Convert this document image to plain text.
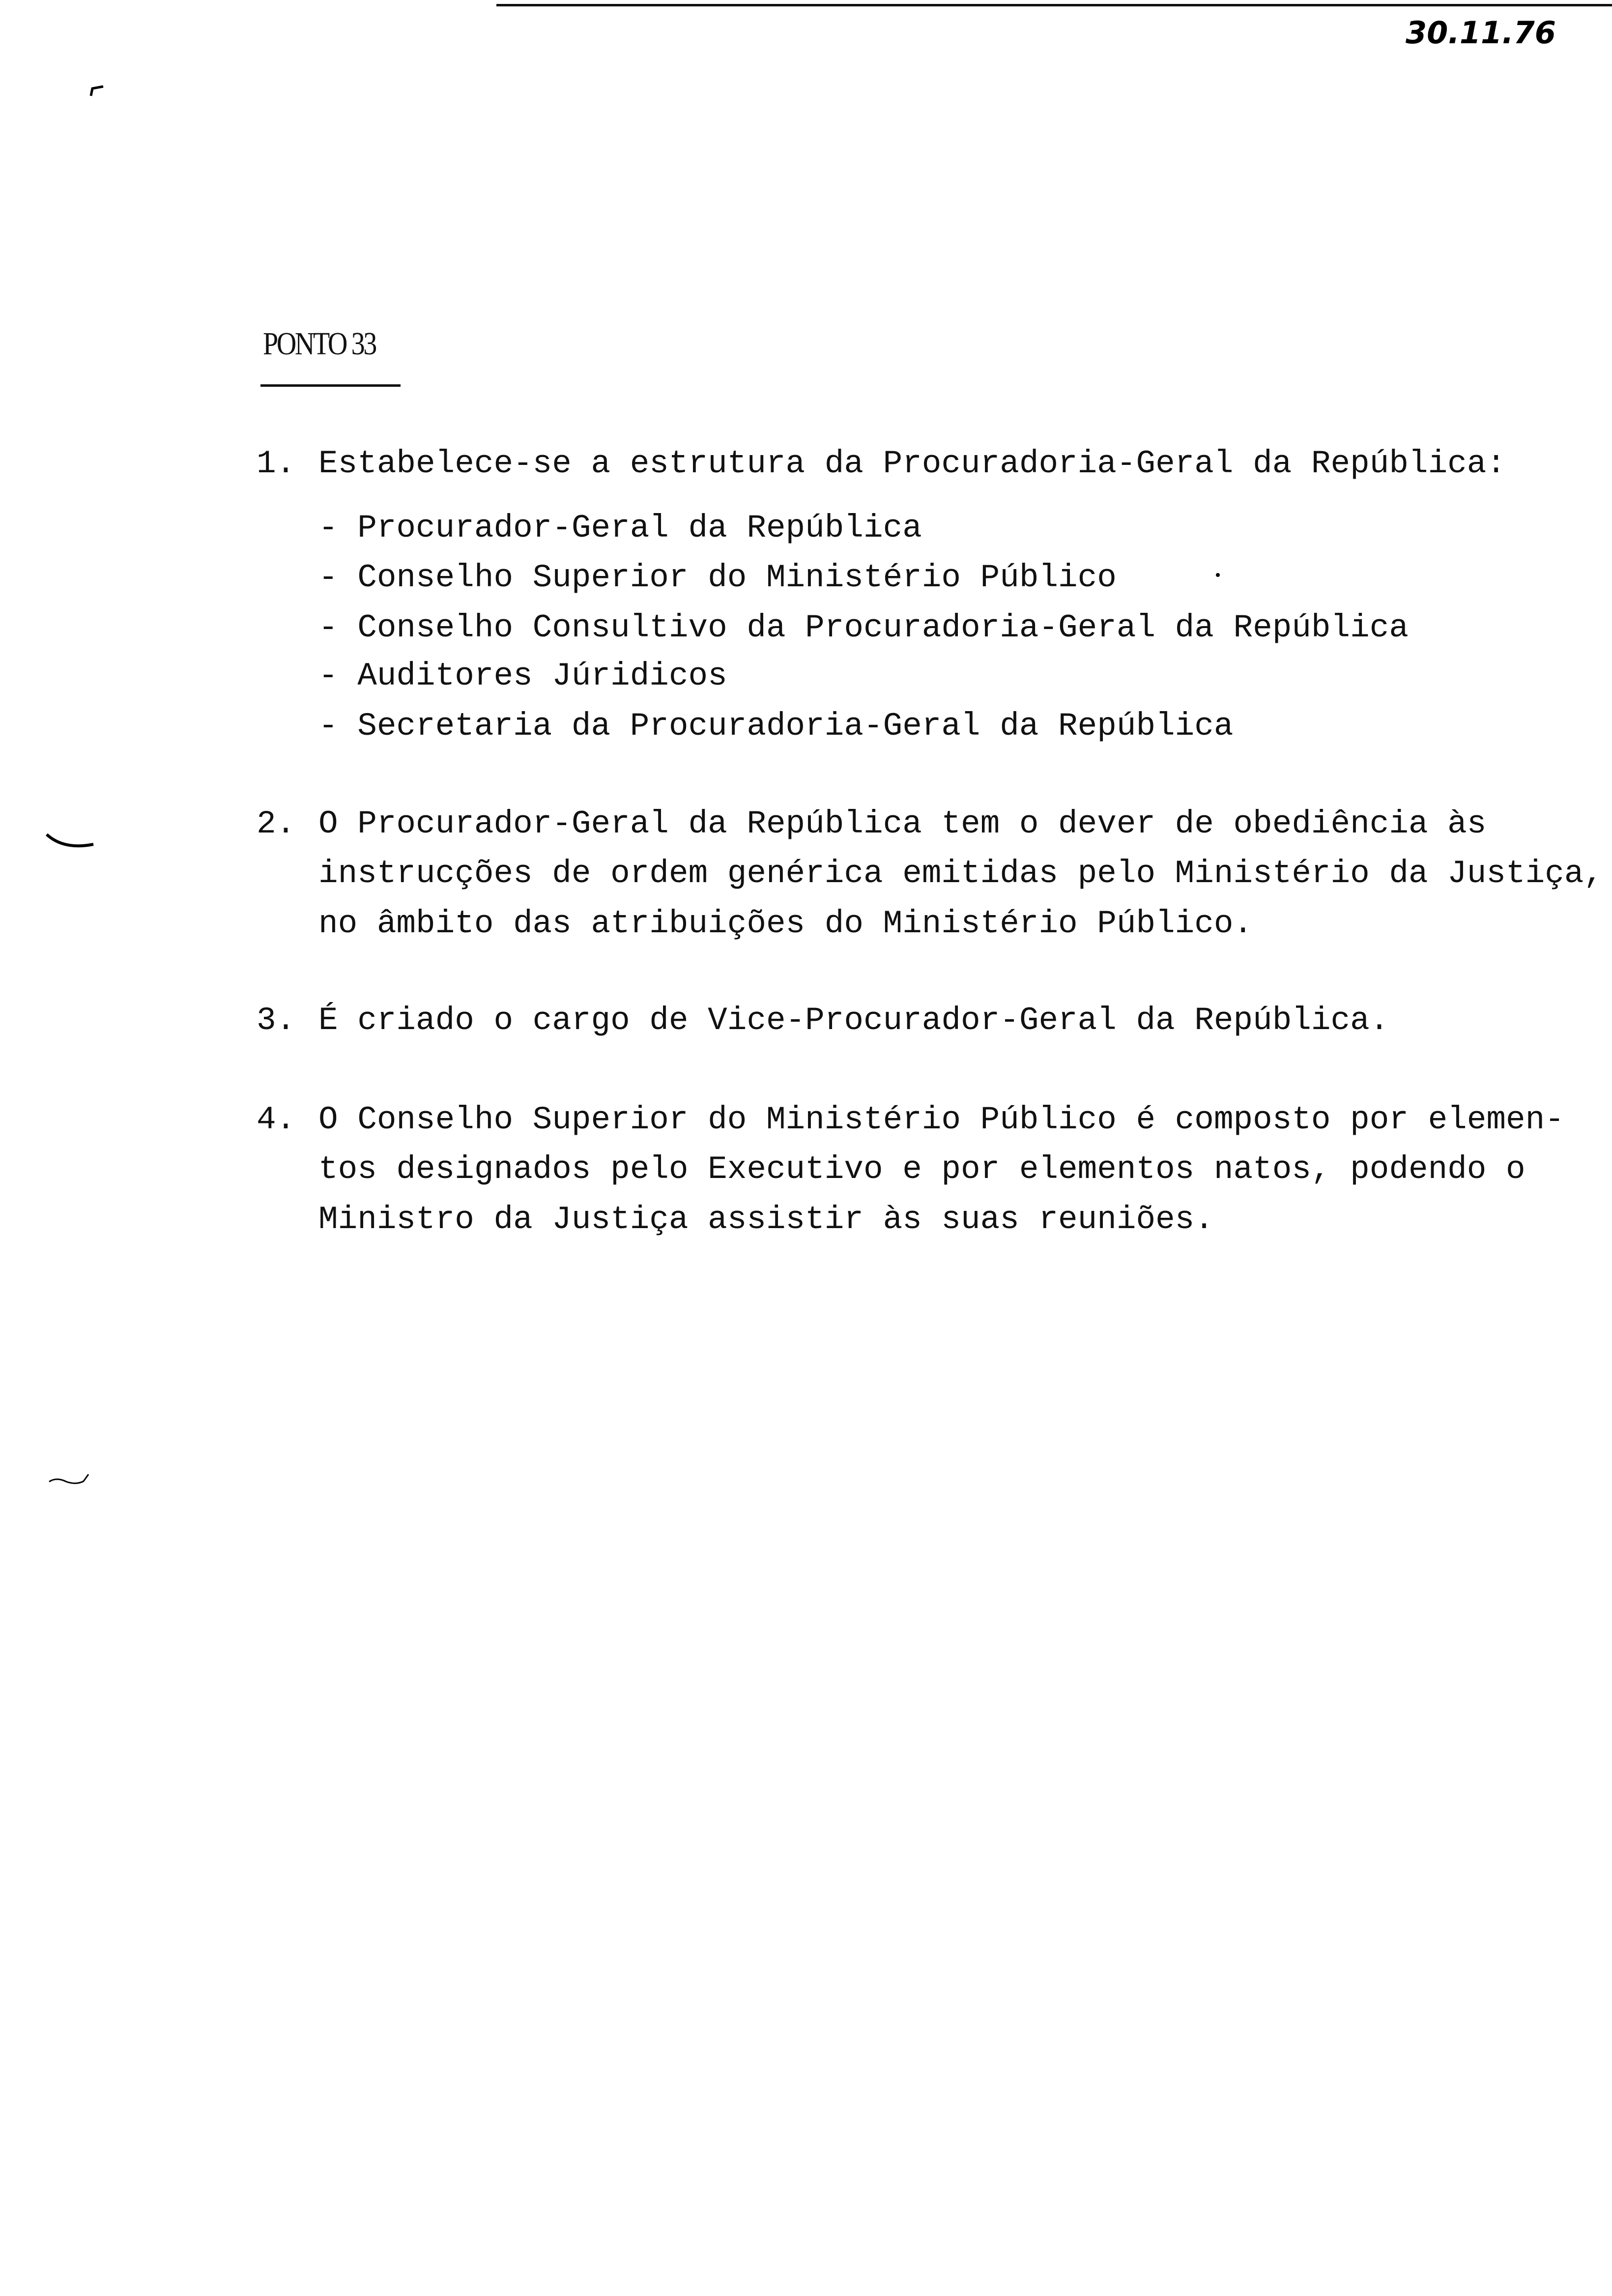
30.11.76
PONTO 33
1. Estabelece-se a estrutura da Procuradoria-Geral da República:
- Procurador-Geral da República
- Conselho Superior do Ministério Público
- Conselho Consultivo da Procuradoria-Geral da República
- Auditores Júridicos
- Secretaria da Procuradoria-Geral da República
2. O Procurador-Geral da República tem o dever de obediência às
instrucções de ordem genérica emitidas pelo Ministério da Justiça,
no âmbito das atribuições do Ministério Público.
3. É criado o cargo de Vice-Procurador-Geral da República.
4. O Conselho Superior do Ministério Público é composto por elemen-
tos designados pelo Executivo e por elementos natos, podendo o
Ministro da Justiça assistir às suas reuniões.
